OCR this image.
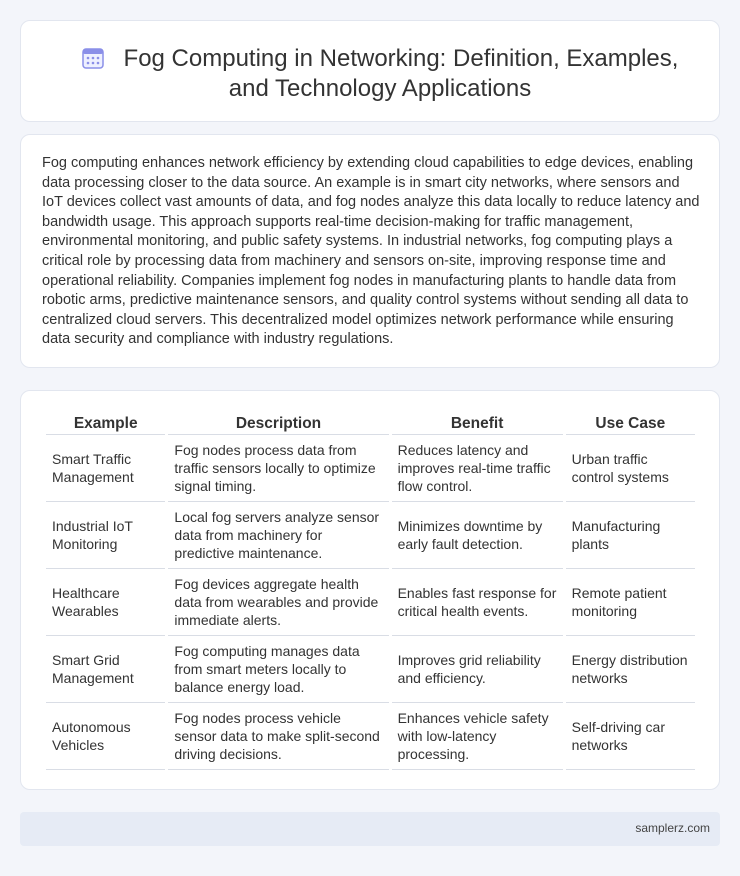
Fog Computing in Networking: Definition, Examples, and Technology Applications

Fog computing enhances network efficiency by extending cloud capabilities to edge devices, enabling data processing closer to the data source. An example is in smart city networks, where sensors and IoT devices collect vast amounts of data, and fog nodes analyze this data locally to reduce latency and bandwidth usage. This approach supports real-time decision-making for traffic management, environmental monitoring, and public safety systems. In industrial networks, fog computing plays a critical role by processing data from machinery and sensors on-site, improving response time and operational reliability. Companies implement fog nodes in manufacturing plants to handle data from robotic arms, predictive maintenance sensors, and quality control systems without sending all data to centralized cloud servers. This decentralized model optimizes network performance while ensuring data security and compliance with industry regulations.

Example	Description	Benefit	Use Case
Smart Traffic Management	Fog nodes process data from traffic sensors locally to optimize signal timing.	Reduces latency and improves real-time traffic flow control.	Urban traffic control systems
Industrial IoT Monitoring	Local fog servers analyze sensor data from machinery for predictive maintenance.	Minimizes downtime by early fault detection.	Manufacturing plants
Healthcare Wearables	Fog devices aggregate health data from wearables and provide immediate alerts.	Enables fast response for critical health events.	Remote patient monitoring
Smart Grid Management	Fog computing manages data from smart meters locally to balance energy load.	Improves grid reliability and efficiency.	Energy distribution networks
Autonomous Vehicles	Fog nodes process vehicle sensor data to make split-second driving decisions.	Enhances vehicle safety with low-latency processing.	Self-driving car networks
samplerz.com
